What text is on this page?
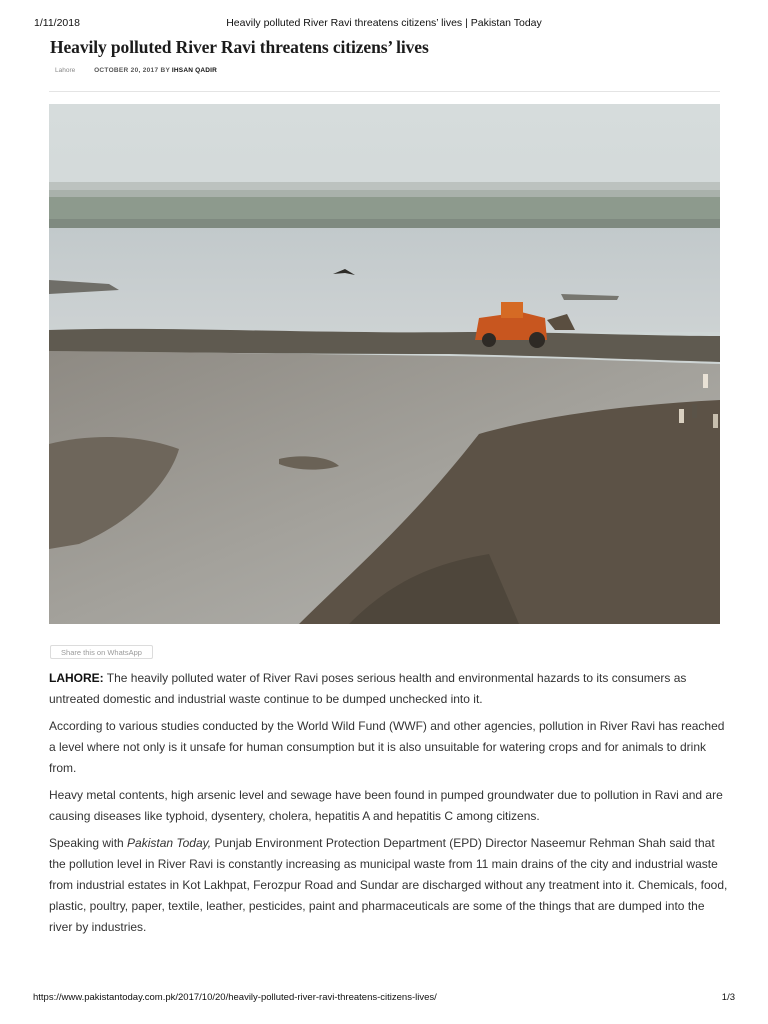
1/11/2018	Heavily polluted River Ravi threatens citizens’ lives | Pakistan Today
Heavily polluted River Ravi threatens citizens’ lives
Lahore	OCTOBER 20, 2017 BY IHSAN QADIR
Share this on WhatsApp

LAHORE: The heavily polluted water of River Ravi poses serious health and environmental hazards to its consumers as untreated domestic and industrial waste continue to be dumped unchecked into it.

According to various studies conducted by the World Wild Fund (WWF) and other agencies, pollution in River Ravi has reached a level where not only is it unsafe for human consumption but it is also unsuitable for watering crops and for animals to drink from.

Heavy metal contents, high arsenic level and sewage have been found in pumped groundwater due to pollution in Ravi and are causing diseases like typhoid, dysentery, cholera, hepatitis A and hepatitis C among citizens.

Speaking with Pakistan Today, Punjab Environment Protection Department (EPD) Director Naseemur Rehman Shah said that the pollution level in River Ravi is constantly increasing as municipal waste from 11 main drains of the city and industrial waste from industrial estates in Kot Lakhpat, Ferozpur Road and Sundar are discharged without any treatment into it. Chemicals, food, plastic, poultry, paper, textile, leather, pesticides, paint and pharmaceuticals are some of the things that are dumped into the river by industries.

https://www.pakistantoday.com.pk/2017/10/20/heavily-polluted-river-ravi-threatens-citizens-lives/	1/3
